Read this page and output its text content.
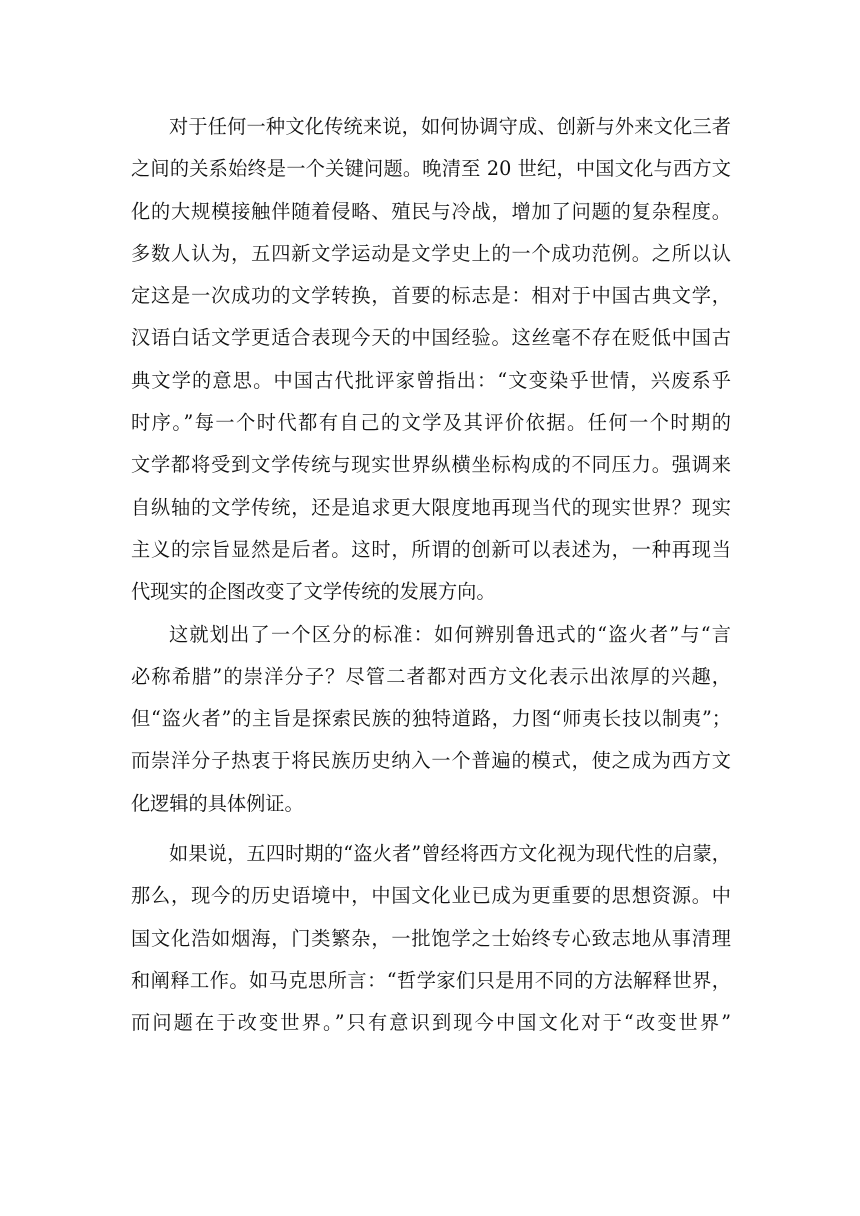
对于任何一种文化传统来说，如何协调守成、创新与外来文化三者
之间的关系始终是一个关键问题。晚清至 20 世纪，中国文化与西方文
化的大规模接触伴随着侵略、殖民与冷战，增加了问题的复杂程度。
多数人认为，五四新文学运动是文学史上的一个成功范例。之所以认
定这是一次成功的文学转换，首要的标志是：相对于中国古典文学，
汉语白话文学更适合表现今天的中国经验。这丝毫不存在贬低中国古
典文学的意思。中国古代批评家曾指出：“文变染乎世情，兴废系乎
时序。”每一个时代都有自己的文学及其评价依据。任何一个时期的
文学都将受到文学传统与现实世界纵横坐标构成的不同压力。强调来
自纵轴的文学传统，还是追求更大限度地再现当代的现实世界？现实
主义的宗旨显然是后者。这时，所谓的创新可以表述为，一种再现当
代现实的企图改变了文学传统的发展方向。
这就划出了一个区分的标准：如何辨别鲁迅式的“盗火者”与“言
必称希腊”的崇洋分子？尽管二者都对西方文化表示出浓厚的兴趣，
但“盗火者”的主旨是探索民族的独特道路，力图“师夷长技以制夷”；
而崇洋分子热衷于将民族历史纳入一个普遍的模式，使之成为西方文
化逻辑的具体例证。
如果说，五四时期的“盗火者”曾经将西方文化视为现代性的启蒙，
那么，现今的历史语境中，中国文化业已成为更重要的思想资源。中
国文化浩如烟海，门类繁杂，一批饱学之士始终专心致志地从事清理
和阐释工作。如马克思所言：“哲学家们只是用不同的方法解释世界，
而问题在于改变世界。”只有意识到现今中国文化对于“改变世界”
